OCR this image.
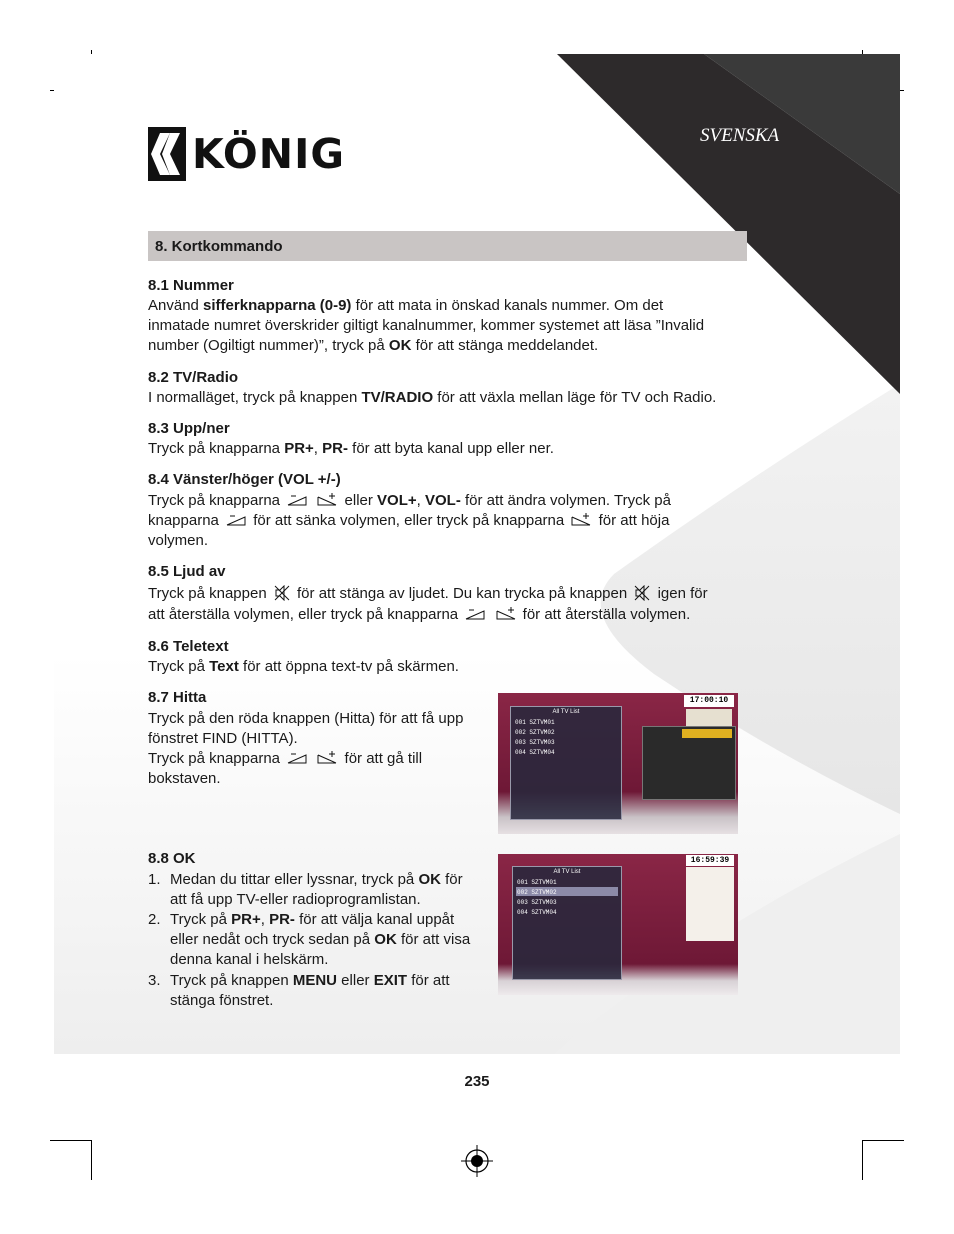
SVENSKA
KÖNIG
8. Kortkommando
8.1 Nummer
Använd sifferknapparna (0-9) för att mata in önskad kanals nummer. Om det
inmatade numret överskrider giltigt kanalnummer, kommer systemet att läsa ”Invalid
number (Ogiltigt nummer)”, tryck på OK för att stänga meddelandet.
8.2 TV/Radio
I normalläget, tryck på knappen TV/RADIO för att växla mellan läge för TV och Radio.
8.3 Upp/ner
Tryck på knapparna PR+, PR- för att byta kanal upp eller ner.
8.4 Vänster/höger (VOL +/-)
Tryck på knapparna	eller VOL+, VOL- för att ändra volymen. Tryck på
knapparna  för att sänka volymen, eller tryck på knapparna  för att höja
volymen.
8.5 Ljud av
Tryck på knappen  för att stänga av ljudet. Du kan trycka på knappen  igen för
att återställa volymen, eller tryck på knapparna	för att återställa volymen.
8.6 Teletext
Tryck på Text för att öppna text-tv på skärmen.
8.7 Hitta
Tryck på den röda knappen (Hitta) för att få upp
fönstret FIND (HITTA).
Tryck på knapparna	för att gå till
bokstaven.
17:00:10
All TV List
001 SZTVM01
002 SZTVM02
003 SZTVM03
004 SZTVM04
8.8 OK
1. Medan du tittar eller lyssnar, tryck på OK för
att få upp TV-eller radioprogramlistan.
2. Tryck på PR+, PR- för att välja kanal uppåt
eller nedåt och tryck sedan på OK för att visa
denna kanal i helskärm.
3. Tryck på knappen MENU eller EXIT för att
stänga fönstret.
16:59:39
All TV List
001 SZTVM01
002 SZTVM02
003 SZTVM03
004 SZTVM04
235
